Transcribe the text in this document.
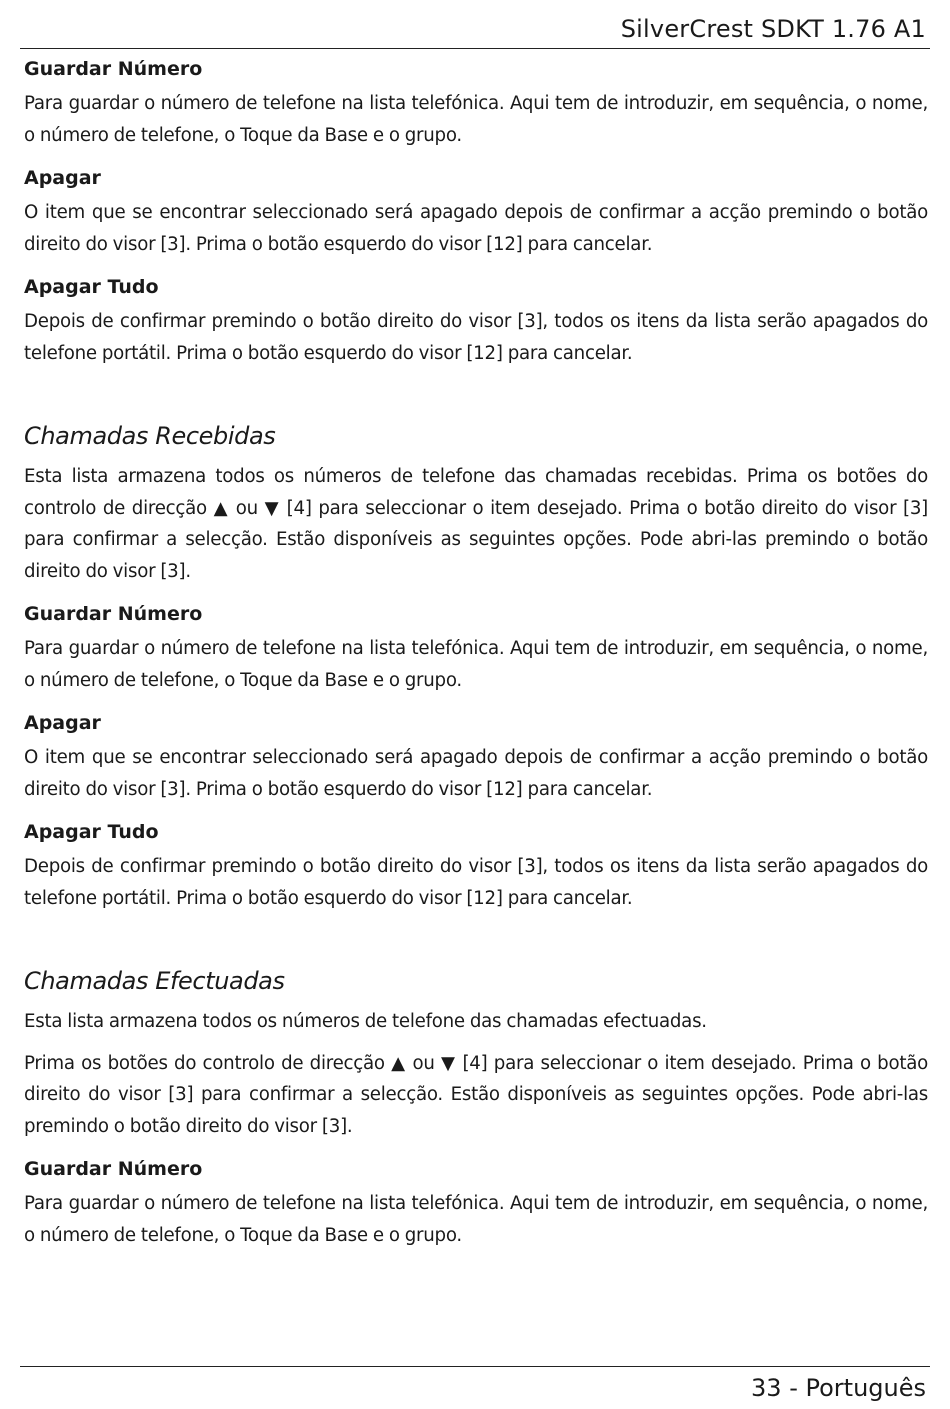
SilverCrest SDKT 1.76 A1
Guardar Número

Para guardar o número de telefone na lista telefónica. Aqui tem de introduzir, em sequência, o nome, o número de telefone, o Toque da Base e o grupo.

Apagar

O item que se encontrar seleccionado será apagado depois de confirmar a acção premindo o botão direito do visor [3]. Prima o botão esquerdo do visor [12] para cancelar.

Apagar Tudo

Depois de confirmar premindo o botão direito do visor [3], todos os itens da lista serão apagados do telefone portátil. Prima o botão esquerdo do visor [12] para cancelar.

Chamadas Recebidas

Esta lista armazena todos os números de telefone das chamadas recebidas. Prima os botões do controlo de direcção ▲ ou ▼ [4] para seleccionar o item desejado. Prima o botão direito do visor [3] para confirmar a selecção. Estão disponíveis as seguintes opções. Pode abri-las premindo o botão direito do visor [3].

Guardar Número

Para guardar o número de telefone na lista telefónica. Aqui tem de introduzir, em sequência, o nome, o número de telefone, o Toque da Base e o grupo.

Apagar

O item que se encontrar seleccionado será apagado depois de confirmar a acção premindo o botão direito do visor [3]. Prima o botão esquerdo do visor [12] para cancelar.

Apagar Tudo

Depois de confirmar premindo o botão direito do visor [3], todos os itens da lista serão apagados do telefone portátil. Prima o botão esquerdo do visor [12] para cancelar.

Chamadas Efectuadas

Esta lista armazena todos os números de telefone das chamadas efectuadas.

Prima os botões do controlo de direcção ▲ ou ▼ [4] para seleccionar o item desejado. Prima o botão direito do visor [3] para confirmar a selecção. Estão disponíveis as seguintes opções. Pode abri-las premindo o botão direito do visor [3].

Guardar Número

Para guardar o número de telefone na lista telefónica. Aqui tem de introduzir, em sequência, o nome, o número de telefone, o Toque da Base e o grupo.

33 - Português
